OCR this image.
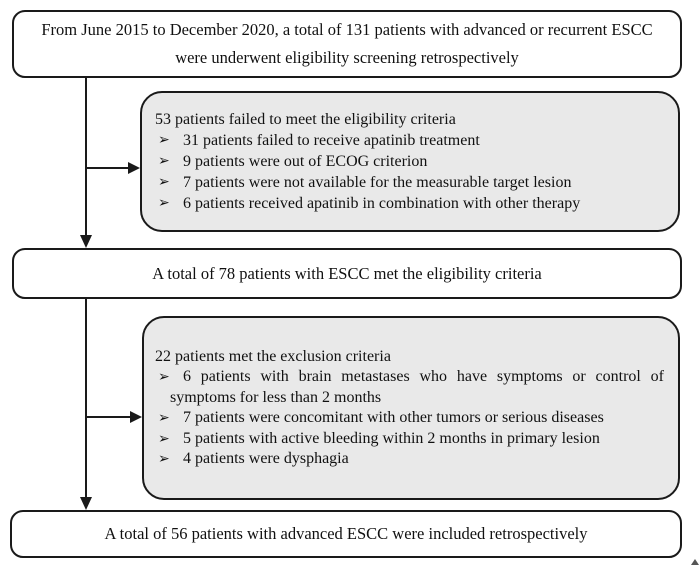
From June 2015 to December 2020, a total of 131 patients with advanced or recurrent ESCC
were underwent eligibility screening retrospectively
53 patients failed to meet the eligibility criteria
➢ 31 patients failed to receive apatinib treatment
➢ 9 patients were out of ECOG criterion
➢ 7 patients were not available for the measurable target lesion
➢ 6 patients received apatinib in combination with other therapy
A total of 78 patients with ESCC met the eligibility criteria
22 patients met the exclusion criteria
➢ 6 patients with brain metastases who have symptoms or control of symptoms for less than 2 months
➢ 7 patients were concomitant with other tumors or serious diseases
➢ 5 patients with active bleeding within 2 months in primary lesion
➢ 4 patients were dysphagia
A total of 56 patients with advanced ESCC were included retrospectively
